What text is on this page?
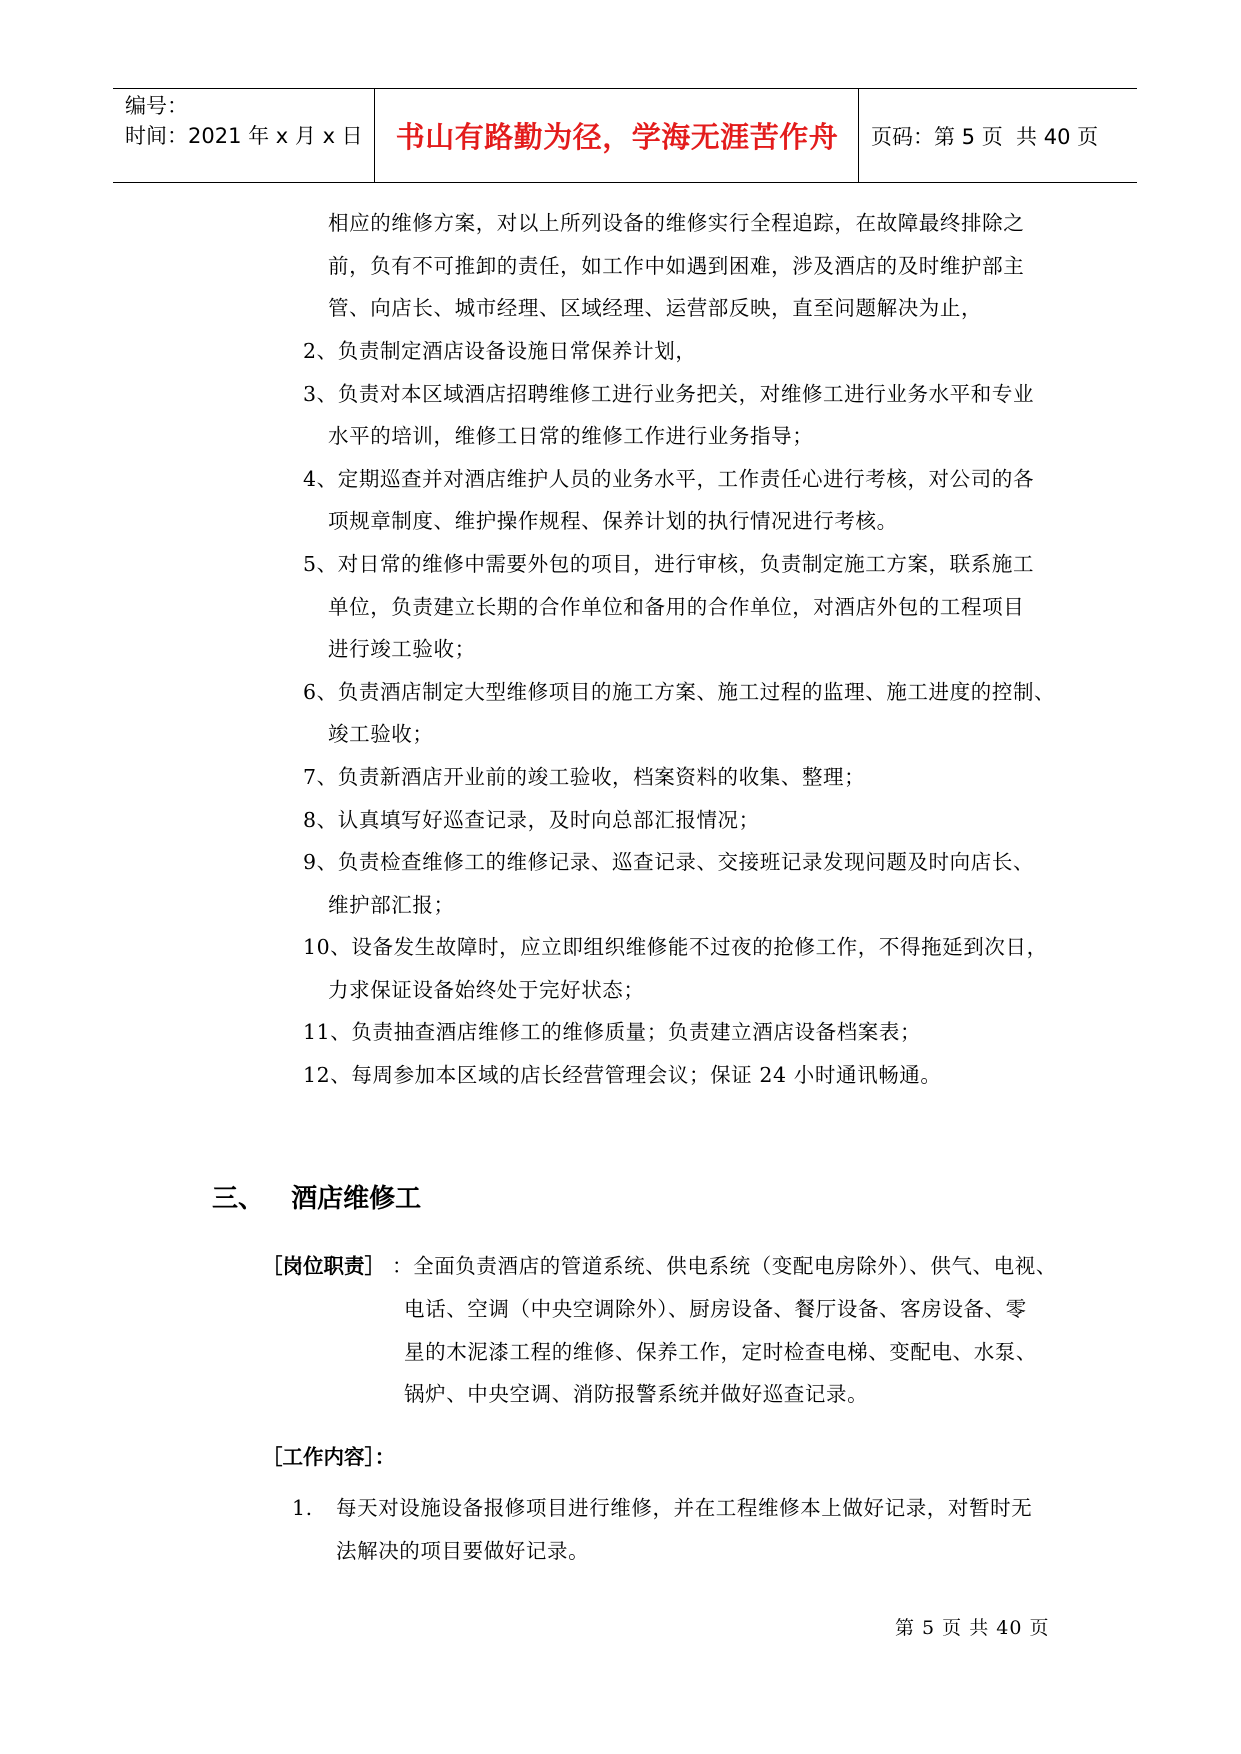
编号：
时间：2021 年 x 月 x 日	书山有路勤为径，学海无涯苦作舟	页码：第 5 页  共 40 页
相应的维修方案，对以上所列设备的维修实行全程追踪，在故障最终排除之
前，负有不可推卸的责任，如工作中如遇到困难，涉及酒店的及时维护部主
管、向店长、城市经理、区域经理、运营部反映，直至问题解决为止，
2、负责制定酒店设备设施日常保养计划，
3、负责对本区域酒店招聘维修工进行业务把关，对维修工进行业务水平和专业
水平的培训，维修工日常的维修工作进行业务指导；
4、定期巡查并对酒店维护人员的业务水平，工作责任心进行考核，对公司的各
项规章制度、维护操作规程、保养计划的执行情况进行考核。
5、对日常的维修中需要外包的项目，进行审核，负责制定施工方案，联系施工
单位，负责建立长期的合作单位和备用的合作单位，对酒店外包的工程项目
进行竣工验收；
6、负责酒店制定大型维修项目的施工方案、施工过程的监理、施工进度的控制、
竣工验收；
7、负责新酒店开业前的竣工验收，档案资料的收集、整理；
8、认真填写好巡查记录，及时向总部汇报情况；
9、负责检查维修工的维修记录、巡查记录、交接班记录发现问题及时向店长、
维护部汇报；
10、设备发生故障时，应立即组织维修能不过夜的抢修工作，不得拖延到次日，
力求保证设备始终处于完好状态；
11、负责抽查酒店维修工的维修质量；负责建立酒店设备档案表；
12、每周参加本区域的店长经营管理会议；保证 24 小时通讯畅通。
三、   酒店维修工
［岗位职责］ ：全面负责酒店的管道系统、供电系统（变配电房除外）、供气、电视、
电话、空调（中央空调除外）、厨房设备、餐厅设备、客房设备、零
星的木泥漆工程的维修、保养工作，定时检查电梯、变配电、水泵、
锅炉、中央空调、消防报警系统并做好巡查记录。
［工作内容］：
1. 每天对设施设备报修项目进行维修，并在工程维修本上做好记录，对暂时无
法解决的项目要做好记录。
第 5 页 共 40 页
